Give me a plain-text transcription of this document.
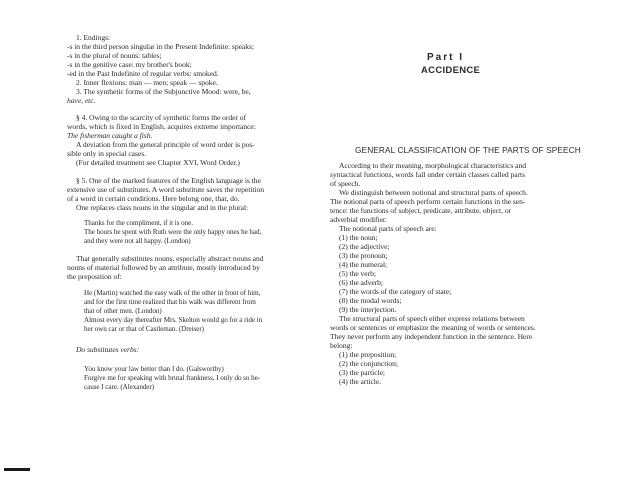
1. Endings:
-s in the third person singular in the Present Indefinite: speaks;
-s in the plural of nouns: tables;
-s in the genitive case: my brother's book;
-ed in the Past Indefinite of regular verbs: smoked.
2. Inner flexions: man — men; speak — spoke.
3. The synthetic forms of the Subjunctive Mood: were, be,
have, etc.
§ 4. Owing to the scarcity of synthetic forms the order of
words, which is fixed in English, acquires extreme importance:
The fisherman caught a fish.
A deviation from the general principle of word order is pos-
sible only in special cases.
(For detailed treatment see Chapter XVI, Word Order.)
§ 5. One of the marked features of the English language is the
extensive use of substitutes. A word substitute saves the repetition
of a word in certain conditions. Here belong one, that, do.
One replaces class nouns in the singular and in the plural:
Thanks for the compliment, if it is one.
The hours he spent with Ruth were the only happy ones he had,
and they were not all happy. (London)
That generally substitutes nouns, especially abstract nouns and
nouns of material followed by an attribute, mostly introduced by
the preposition of:
He (Martin) watched the easy walk of the other in front of him,
and for the first time realized that his walk was different from
that of other men. (London)
Almost every day thereafter Mrs. Skelton would go for a ride in
her own car or that of Castleman. (Dreiser)
Do substitutes verbs:
You know your law better than I do. (Galsworthy)
Forgive me for speaking with brutal frankness, I only do so be-
cause I care. (Alexander)
Part I
ACCIDENCE
GENERAL CLASSIFICATION OF THE PARTS OF SPEECH
According to their meaning, morphological characteristics and
syntactical functions, words fall under certain classes called parts
of speech.
We distinguish between notional and structural parts of speech.
The notional parts of speech perform certain functions in the sen-
tence: the functions of subject, predicate, attribute, object, or
adverbial modifier.
The notional parts of speech are:
(1) the noun;
(2) the adjective;
(3) the pronoun;
(4) the numeral;
(5) the verb;
(6) the adverb;
(7) the words of the category of state;
(8) the modal words;
(9) the interjection.
The structural parts of speech either express relations between
words or sentences or emphasize the meaning of words or sentences.
They never perform any independent function in the sentence. Here
belong:
(1) the preposition;
(2) the conjunction;
(3) the particle;
(4) the article.
